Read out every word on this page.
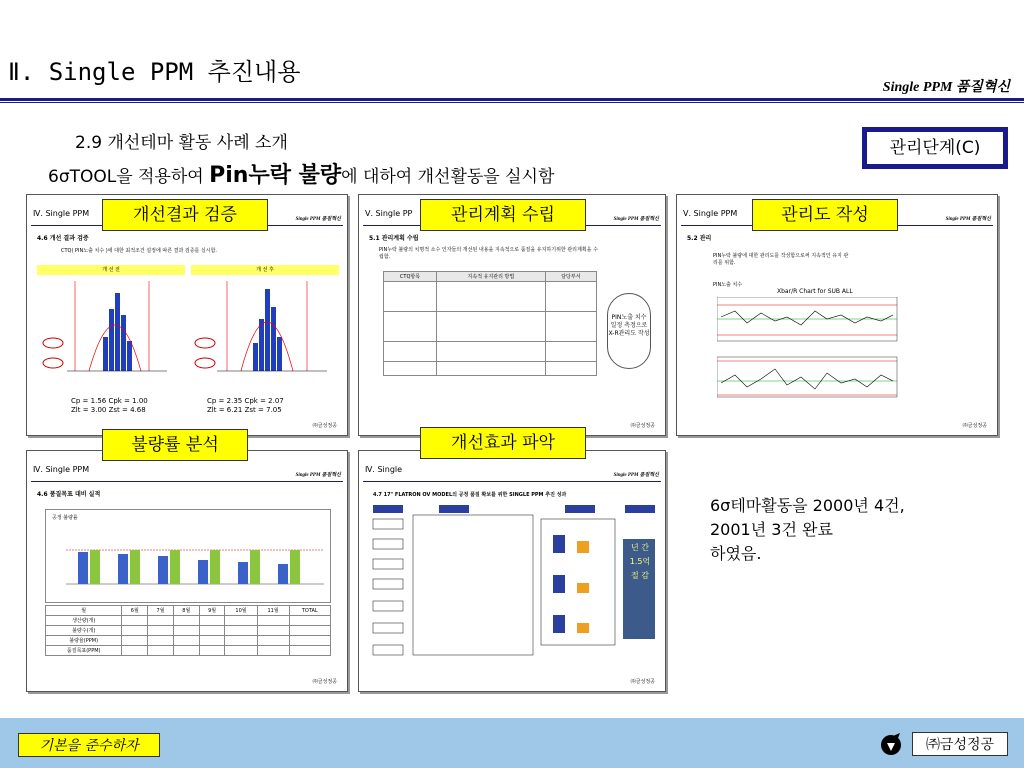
Ⅱ. Single PPM 추진내용
Single PPM 품질혁신
2.9 개선테마 활동 사례 소개
6σTOOL을 적용하여 Pin누락 불량에 대하여 개선활동을 실시함
관리단계(C)
Ⅳ. Single PPM
Single PPM 품질혁신
4.6 개선 결과 검증
CTQ( PIN노출 치수 )에 대한 최적조건 설정에 따른 결과 검증를 실시함.
개 선 전	개 선 후
Cp = 1.56 Cpk = 1.00
Zlt = 3.00 Zst = 4.68
Cp = 2.35 Cpk = 2.07
Zlt = 6.21 Zst = 7.05
㈜금성정공
Ⅴ. Single PP
Single PPM 품질혁신
5.1 관리계획 수립
PIN누락 불량의 치명적 소수 인자들의 개선된 내용을 지속적으로 품질을 유지하기위한 관리계획을 수립함.
CTQ항목	지속적 유지관리 방법	담당부서

PIN노출 치수 일정 측정으로 X-R관리도 작성
㈜금성정공
Ⅴ. Single PPM
Single PPM 품질혁신
5.2 관리
PIN누락 불량에 대한 관리도를 작성함으로써 지속적인 유지 관리를 위함.
PIN노출 치수
Xbar/R Chart for SUB ALL
㈜금성정공
Ⅳ. Single PPM
Single PPM 품질혁신
4.6 품질목표 대비 실적
공정 불량률
월	6월	7월	8월	9월	10월	11월	TOTAL
생산량(개)							
불량수(개)							
불량율(PPM)							
품질목표(PPM)							
㈜금성정공
Ⅳ. Single
Single PPM 품질혁신
4.7 17" FLATRON OV MODEL의 공정 품질 확보를 위한 SINGLE PPM 추진 성과
년 간 1.5억 절 감
㈜금성정공
개선결과 검증	관리계획 수립	관리도 작성
불량률 분석	개선효과 파악
6σ테마활동을 2000년 4건,
2001년 3건 완료
하였음.
기본을 준수하자	㈜금성정공
